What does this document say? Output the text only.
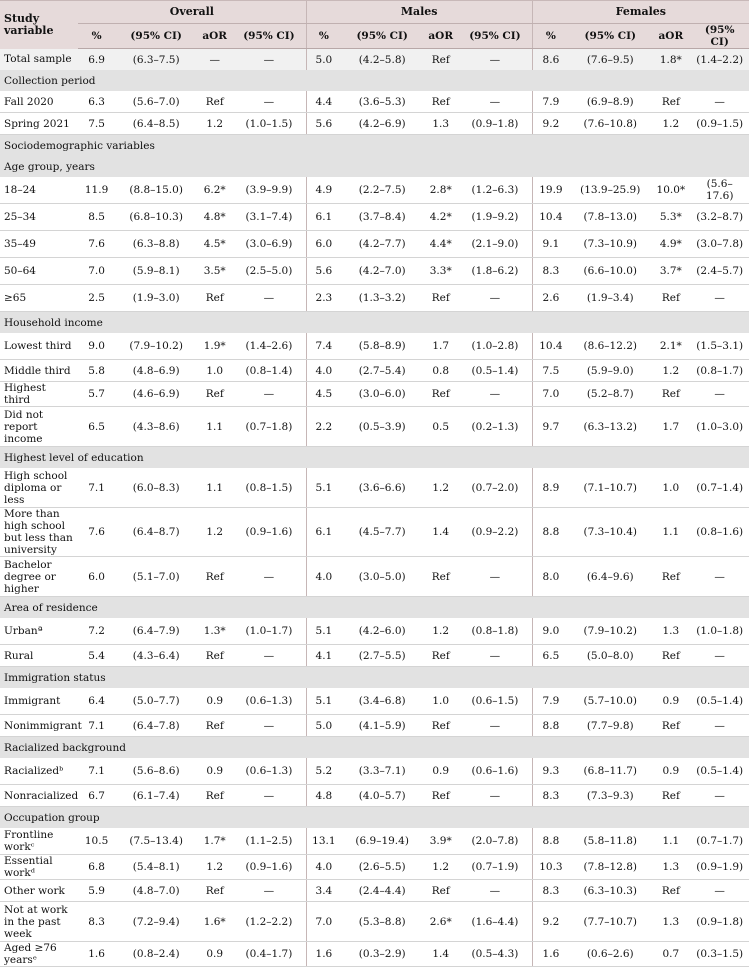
Study variable	Overall				Males				Females			
	%	(95% CI)	aOR	(95% CI)	%	(95% CI)	aOR	(95% CI)	%	(95% CI)	aOR	(95% CI)
Total sample	6.9	(6.3–7.5)	—	—	5.0	(4.2–5.8)	Ref	—	8.6	(7.6–9.5)	1.8*	(1.4–2.2)
Collection period												
Fall 2020	6.3	(5.6–7.0)	Ref	—	4.4	(3.6–5.3)	Ref	—	7.9	(6.9–8.9)	Ref	—
Spring 2021	7.5	(6.4–8.5)	1.2	(1.0–1.5)	5.6	(4.2–6.9)	1.3	(0.9–1.8)	9.2	(7.6–10.8)	1.2	(0.9–1.5)
Sociodemographic variables												
Age group, years												
18–24	11.9	(8.8–15.0)	6.2*	(3.9–9.9)	4.9	(2.2–7.5)	2.8*	(1.2–6.3)	19.9	(13.9–25.9)	10.0*	(5.6–17.6)
25–34	8.5	(6.8–10.3)	4.8*	(3.1–7.4)	6.1	(3.7–8.4)	4.2*	(1.9–9.2)	10.4	(7.8–13.0)	5.3*	(3.2–8.7)
35–49	7.6	(6.3–8.8)	4.5*	(3.0–6.9)	6.0	(4.2–7.7)	4.4*	(2.1–9.0)	9.1	(7.3–10.9)	4.9*	(3.0–7.8)
50–64	7.0	(5.9–8.1)	3.5*	(2.5–5.0)	5.6	(4.2–7.0)	3.3*	(1.8–6.2)	8.3	(6.6–10.0)	3.7*	(2.4–5.7)
≥65	2.5	(1.9–3.0)	Ref	—	2.3	(1.3–3.2)	Ref	—	2.6	(1.9–3.4)	Ref	—
Household income												
Lowest third	9.0	(7.9–10.2)	1.9*	(1.4–2.6)	7.4	(5.8–8.9)	1.7	(1.0–2.8)	10.4	(8.6–12.2)	2.1*	(1.5–3.1)
Middle third	5.8	(4.8–6.9)	1.0	(0.8–1.4)	4.0	(2.7–5.4)	0.8	(0.5–1.4)	7.5	(5.9–9.0)	1.2	(0.8–1.7)
Highest third	5.7	(4.6–6.9)	Ref	—	4.5	(3.0–6.0)	Ref	—	7.0	(5.2–8.7)	Ref	—
Did not report income	6.5	(4.3–8.6)	1.1	(0.7–1.8)	2.2	(0.5–3.9)	0.5	(0.2–1.3)	9.7	(6.3–13.2)	1.7	(1.0–3.0)
Highest level of education												
High school diploma or less	7.1	(6.0–8.3)	1.1	(0.8–1.5)	5.1	(3.6–6.6)	1.2	(0.7–2.0)	8.9	(7.1–10.7)	1.0	(0.7–1.4)
More than high school but less than university	7.6	(6.4–8.7)	1.2	(0.9–1.6)	6.1	(4.5–7.7)	1.4	(0.9–2.2)	8.8	(7.3–10.4)	1.1	(0.8–1.6)
Bachelor degree or higher	6.0	(5.1–7.0)	Ref	—	4.0	(3.0–5.0)	Ref	—	8.0	(6.4–9.6)	Ref	—
Area of residence												
Urbanª	7.2	(6.4–7.9)	1.3*	(1.0–1.7)	5.1	(4.2–6.0)	1.2	(0.8–1.8)	9.0	(7.9–10.2)	1.3	(1.0–1.8)
Rural	5.4	(4.3–6.4)	Ref	—	4.1	(2.7–5.5)	Ref	—	6.5	(5.0–8.0)	Ref	—
Immigration status												
Immigrant	6.4	(5.0–7.7)	0.9	(0.6–1.3)	5.1	(3.4–6.8)	1.0	(0.6–1.5)	7.9	(5.7–10.0)	0.9	(0.5–1.4)
Nonimmigrant	7.1	(6.4–7.8)	Ref	—	5.0	(4.1–5.9)	Ref	—	8.8	(7.7–9.8)	Ref	—
Racialized background												
Racializedᵇ	7.1	(5.6–8.6)	0.9	(0.6–1.3)	5.2	(3.3–7.1)	0.9	(0.6–1.6)	9.3	(6.8–11.7)	0.9	(0.5–1.4)
Nonracialized	6.7	(6.1–7.4)	Ref	—	4.8	(4.0–5.7)	Ref	—	8.3	(7.3–9.3)	Ref	—
Occupation group												
Frontline workᶜ	10.5	(7.5–13.4)	1.7*	(1.1–2.5)	13.1	(6.9–19.4)	3.9*	(2.0–7.8)	8.8	(5.8–11.8)	1.1	(0.7–1.7)
Essential workᵈ	6.8	(5.4–8.1)	1.2	(0.9–1.6)	4.0	(2.6–5.5)	1.2	(0.7–1.9)	10.3	(7.8–12.8)	1.3	(0.9–1.9)
Other work	5.9	(4.8–7.0)	Ref	—	3.4	(2.4–4.4)	Ref	—	8.3	(6.3–10.3)	Ref	—
Not at work in the past week	8.3	(7.2–9.4)	1.6*	(1.2–2.2)	7.0	(5.3–8.8)	2.6*	(1.6–4.4)	9.2	(7.7–10.7)	1.3	(0.9–1.8)
Aged ≥76 yearsᵉ	1.6	(0.8–2.4)	0.9	(0.4–1.7)	1.6	(0.3–2.9)	1.4	(0.5–4.3)	1.6	(0.6–2.6)	0.7	(0.3–1.5)
